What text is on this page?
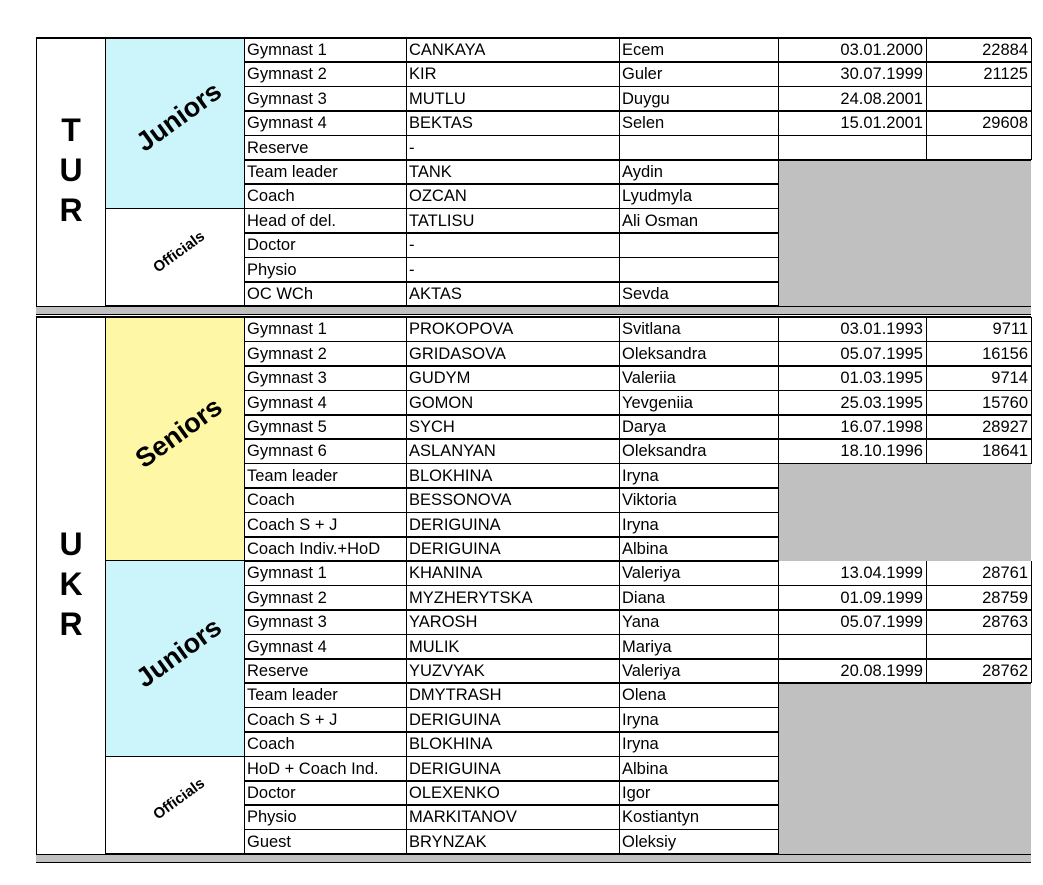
Juniors
Gymnast 1	CANKAYA	Ecem	03.01.2000	22884
Gymnast 2	KIR	Guler	30.07.1999	21125
Gymnast 3	MUTLU	Duygu	24.08.2001
Gymnast 4	BEKTAS	Selen	15.01.2001	29608
Reserve	-
Team leader	TANK	Aydin
Coach	OZCAN	Lyudmyla
Officials
Head of del.	TATLISU	Ali Osman
Doctor	-
Physio	-
OC WCh	AKTAS	Sevda
T
U
R
Seniors
Gymnast 1	PROKOPOVA	Svitlana	03.01.1993	9711
Gymnast 2	GRIDASOVA	Oleksandra	05.07.1995	16156
Gymnast 3	GUDYM	Valeriia	01.03.1995	9714
Gymnast 4	GOMON	Yevgeniia	25.03.1995	15760
Gymnast 5	SYCH	Darya	16.07.1998	28927
Gymnast 6	ASLANYAN	Oleksandra	18.10.1996	18641
Team leader	BLOKHINA	Iryna
Coach	BESSONOVA	Viktoria
Coach S + J	DERIGUINA	Iryna
Coach Indiv.+HoD	DERIGUINA	Albina
Juniors
Gymnast 1	KHANINA	Valeriya	13.04.1999	28761
Gymnast 2	MYZHERYTSKA	Diana	01.09.1999	28759
Gymnast 3	YAROSH	Yana	05.07.1999	28763
Gymnast 4	MULIK	Mariya
Reserve	YUZVYAK	Valeriya	20.08.1999	28762
Team leader	DMYTRASH	Olena
Coach S + J	DERIGUINA	Iryna
Coach	BLOKHINA	Iryna
Officials
HoD + Coach Ind.	DERIGUINA	Albina
Doctor	OLEXENKO	Igor
Physio	MARKITANOV	Kostiantyn
Guest	BRYNZAK	Oleksiy
U
K
R
